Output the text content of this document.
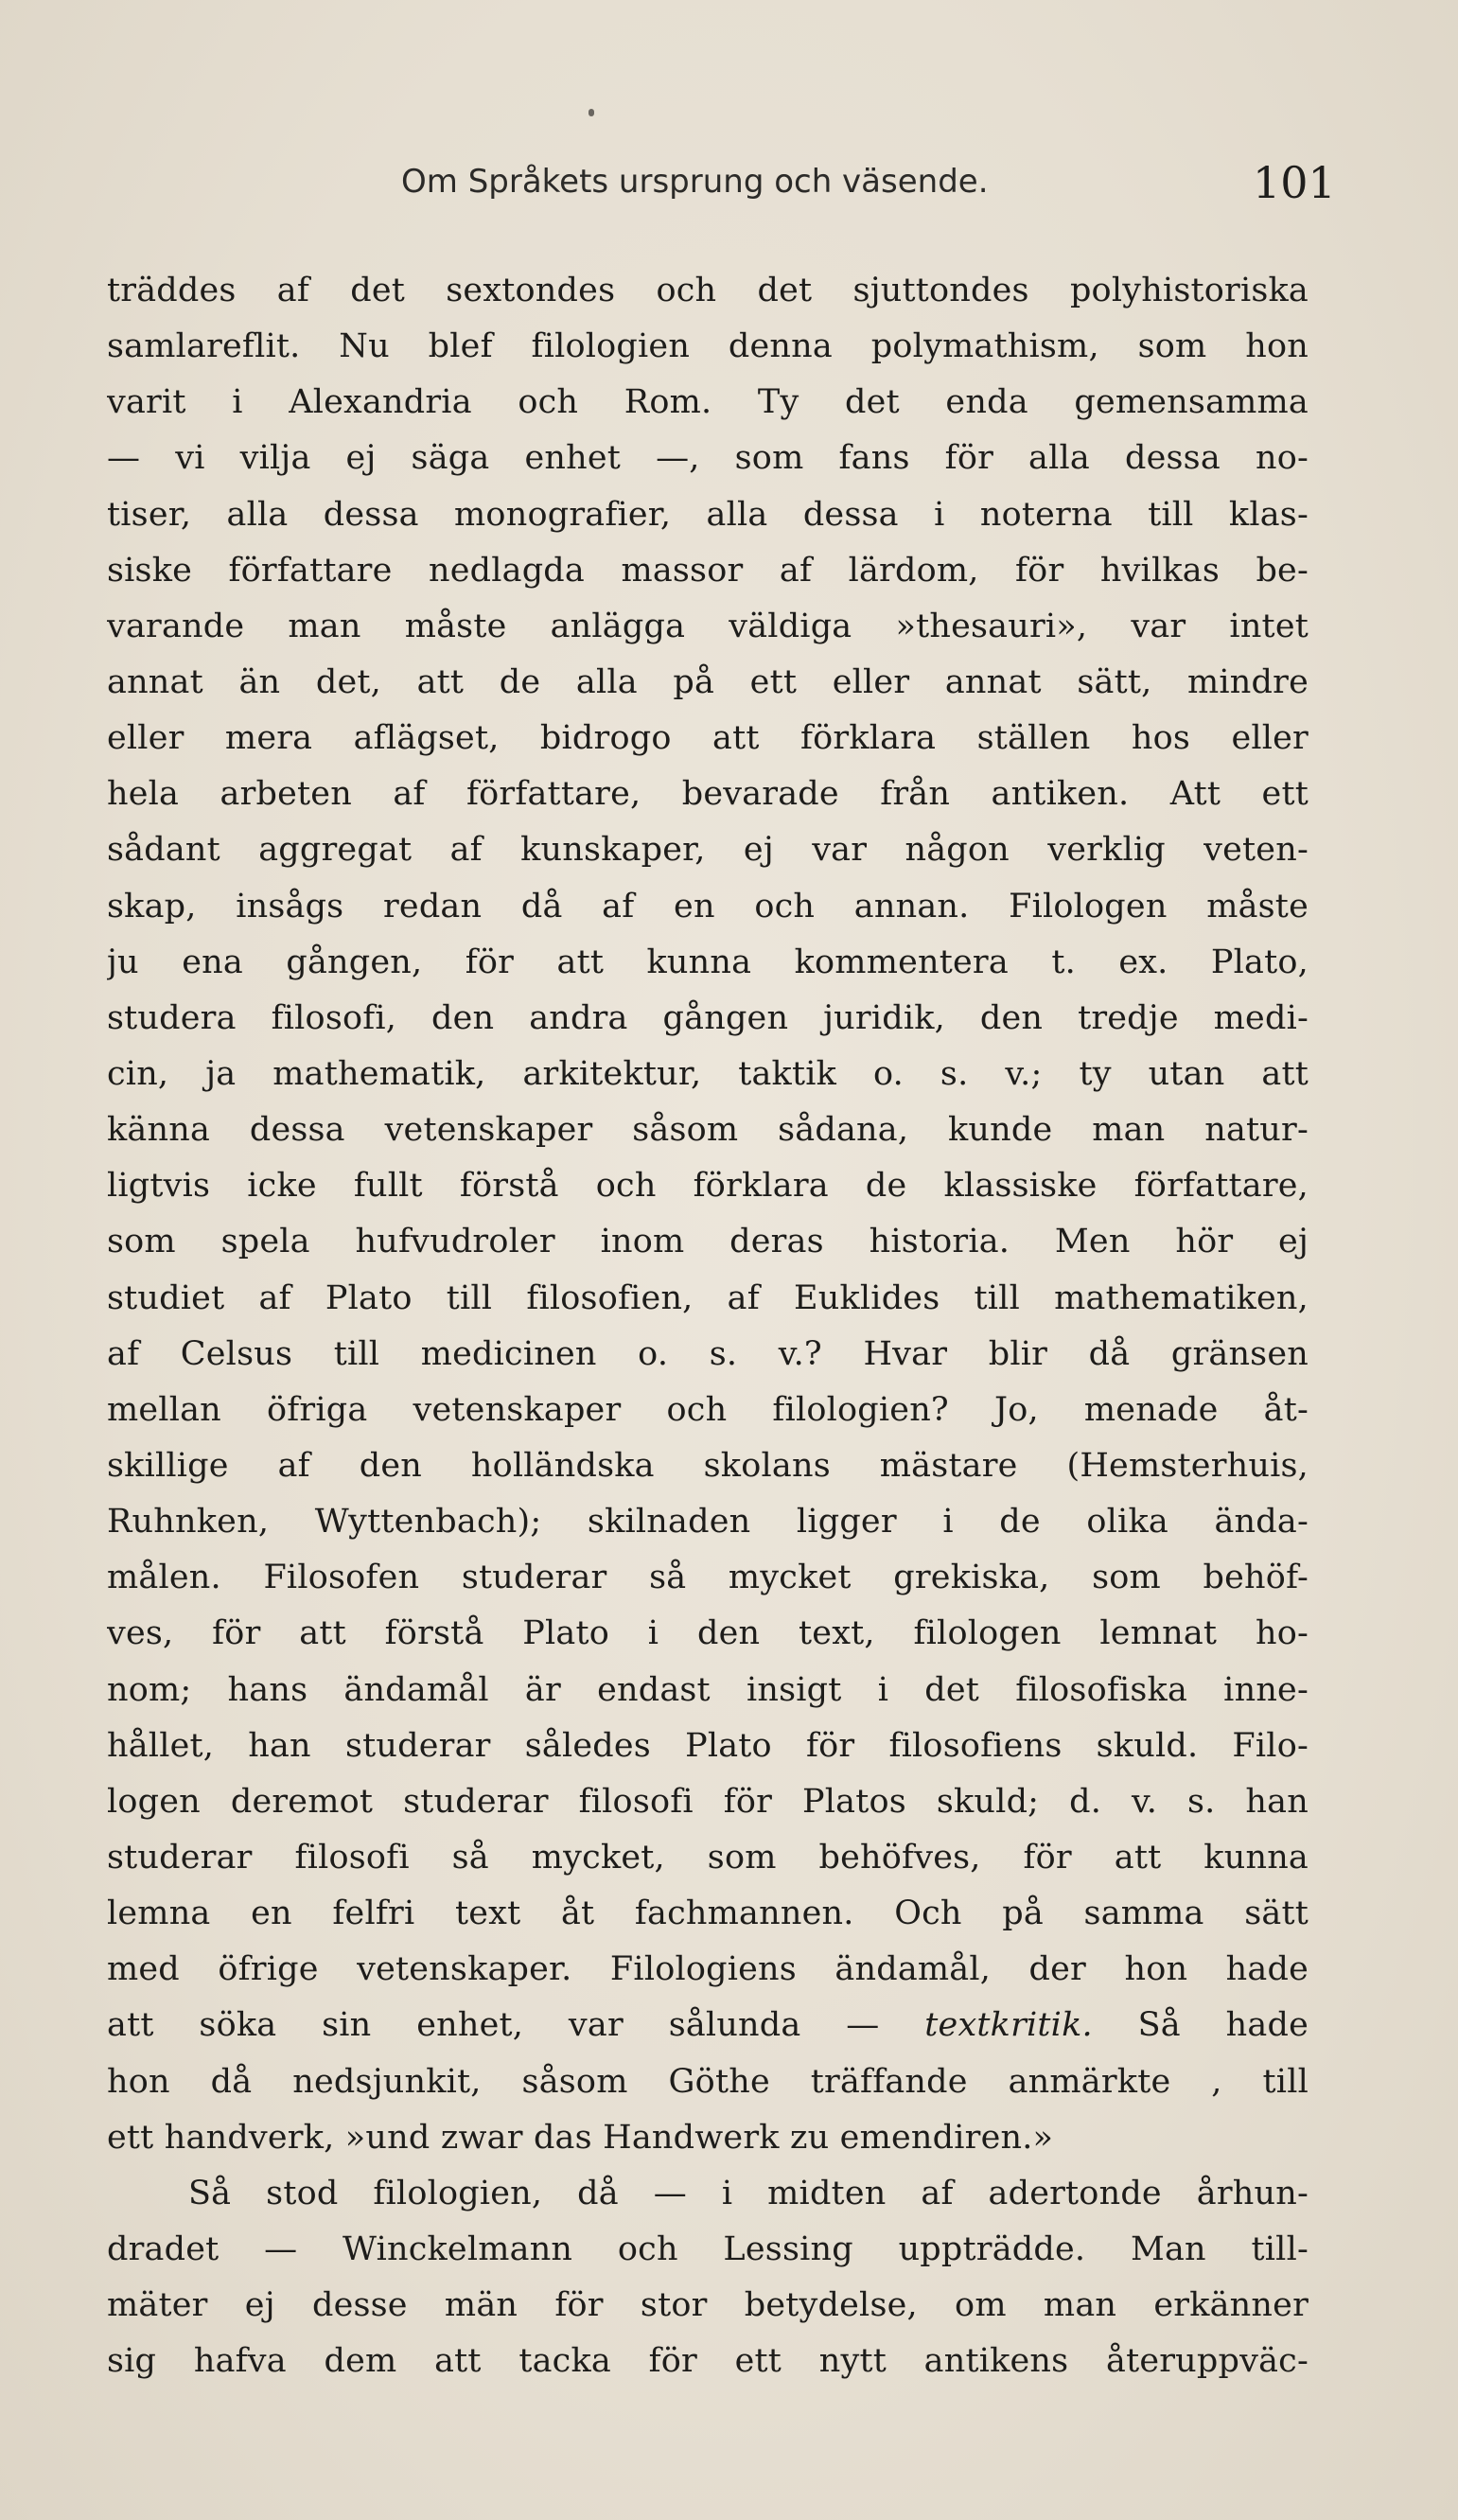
Om Språkets ursprung och väsende.	101
träddes af det sextondes och det sjuttondes polyhistoriska
samlareflit. Nu blef filologien denna polymathism, som hon
varit i Alexandria och Rom. Ty det enda gemensamma
— vi vilja ej säga enhet —, som fans för alla dessa no-
tiser, alla dessa monografier, alla dessa i noterna till klas-
siske författare nedlagda massor af lärdom, för hvilkas be-
varande man måste anlägga väldiga »thesauri», var intet
annat än det, att de alla på ett eller annat sätt, mindre
eller mera aflägset, bidrogo att förklara ställen hos eller
hela arbeten af författare, bevarade från antiken. Att ett
sådant aggregat af kunskaper, ej var någon verklig veten-
skap, insågs redan då af en och annan. Filologen måste
ju ena gången, för att kunna kommentera t. ex. Plato,
studera filosofi, den andra gången juridik, den tredje medi-
cin, ja mathematik, arkitektur, taktik o. s. v.; ty utan att
känna dessa vetenskaper såsom sådana, kunde man natur-
ligtvis icke fullt förstå och förklara de klassiske författare,
som spela hufvudroler inom deras historia. Men hör ej
studiet af Plato till filosofien, af Euklides till mathematiken,
af Celsus till medicinen o. s. v.? Hvar blir då gränsen
mellan öfriga vetenskaper och filologien? Jo, menade åt-
skillige af den holländska skolans mästare (Hemsterhuis,
Ruhnken, Wyttenbach); skilnaden ligger i de olika ända-
målen. Filosofen studerar så mycket grekiska, som behöf-
ves, för att förstå Plato i den text, filologen lemnat ho-
nom; hans ändamål är endast insigt i det filosofiska inne-
hållet, han studerar således Plato för filosofiens skuld. Filo-
logen deremot studerar filosofi för Platos skuld; d. v. s. han
studerar filosofi så mycket, som behöfves, för att kunna
lemna en felfri text åt fachmannen. Och på samma sätt
med öfrige vetenskaper. Filologiens ändamål, der hon hade
att söka sin enhet, var sålunda — textkritik. Så hade
hon då nedsjunkit, såsom Göthe träffande anmärkte , till
ett handverk, »und zwar das Handwerk zu emendiren.»
Så stod filologien, då — i midten af adertonde århun-
dradet — Winckelmann och Lessing uppträdde. Man till-
mäter ej desse män för stor betydelse, om man erkänner
sig hafva dem att tacka för ett nytt antikens återuppväc-
